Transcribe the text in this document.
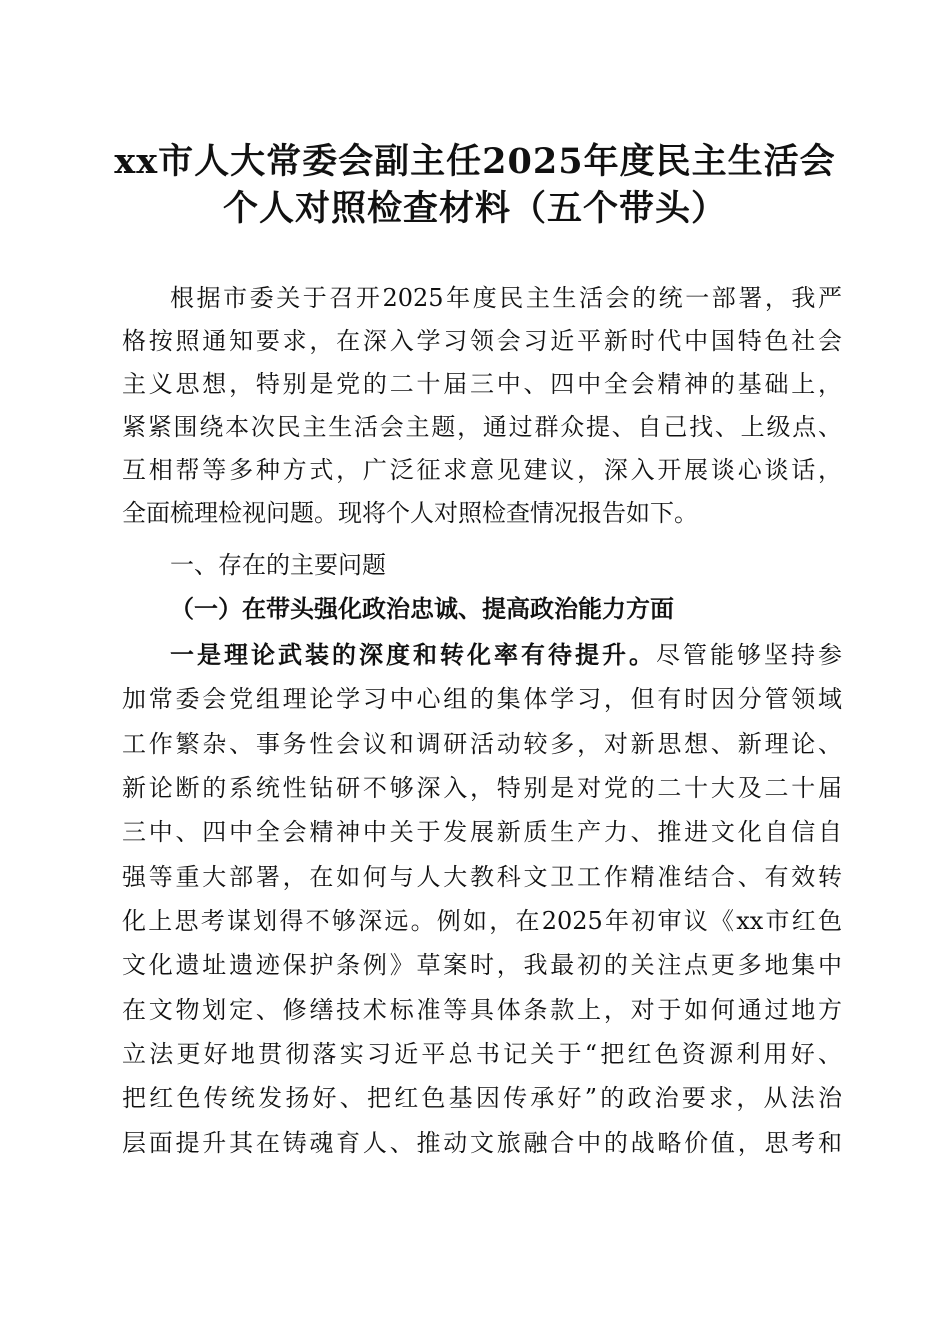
xx市人大常委会副主任2025年度民主生活会
个人对照检查材料（五个带头）
根据市委关于召开2025年度民主生活会的统一部署，我严
格按照通知要求，在深入学习领会习近平新时代中国特色社会
主义思想，特别是党的二十届三中、四中全会精神的基础上，
紧紧围绕本次民主生活会主题，通过群众提、自己找、上级点、
互相帮等多种方式，广泛征求意见建议，深入开展谈心谈话，
全面梳理检视问题。现将个人对照检查情况报告如下。
一、存在的主要问题
（一）在带头强化政治忠诚、提高政治能力方面
一是理论武装的深度和转化率有待提升。尽管能够坚持参
加常委会党组理论学习中心组的集体学习，但有时因分管领域
工作繁杂、事务性会议和调研活动较多，对新思想、新理论、
新论断的系统性钻研不够深入，特别是对党的二十大及二十届
三中、四中全会精神中关于发展新质生产力、推进文化自信自
强等重大部署，在如何与人大教科文卫工作精准结合、有效转
化上思考谋划得不够深远。例如，在2025年初审议《xx市红色
文化遗址遗迹保护条例》草案时，我最初的关注点更多地集中
在文物划定、修缮技术标准等具体条款上，对于如何通过地方
立法更好地贯彻落实习近平总书记关于“把红色资源利用好、
把红色传统发扬好、把红色基因传承好”的政治要求，从法治
层面提升其在铸魂育人、推动文旅融合中的战略价值，思考和
